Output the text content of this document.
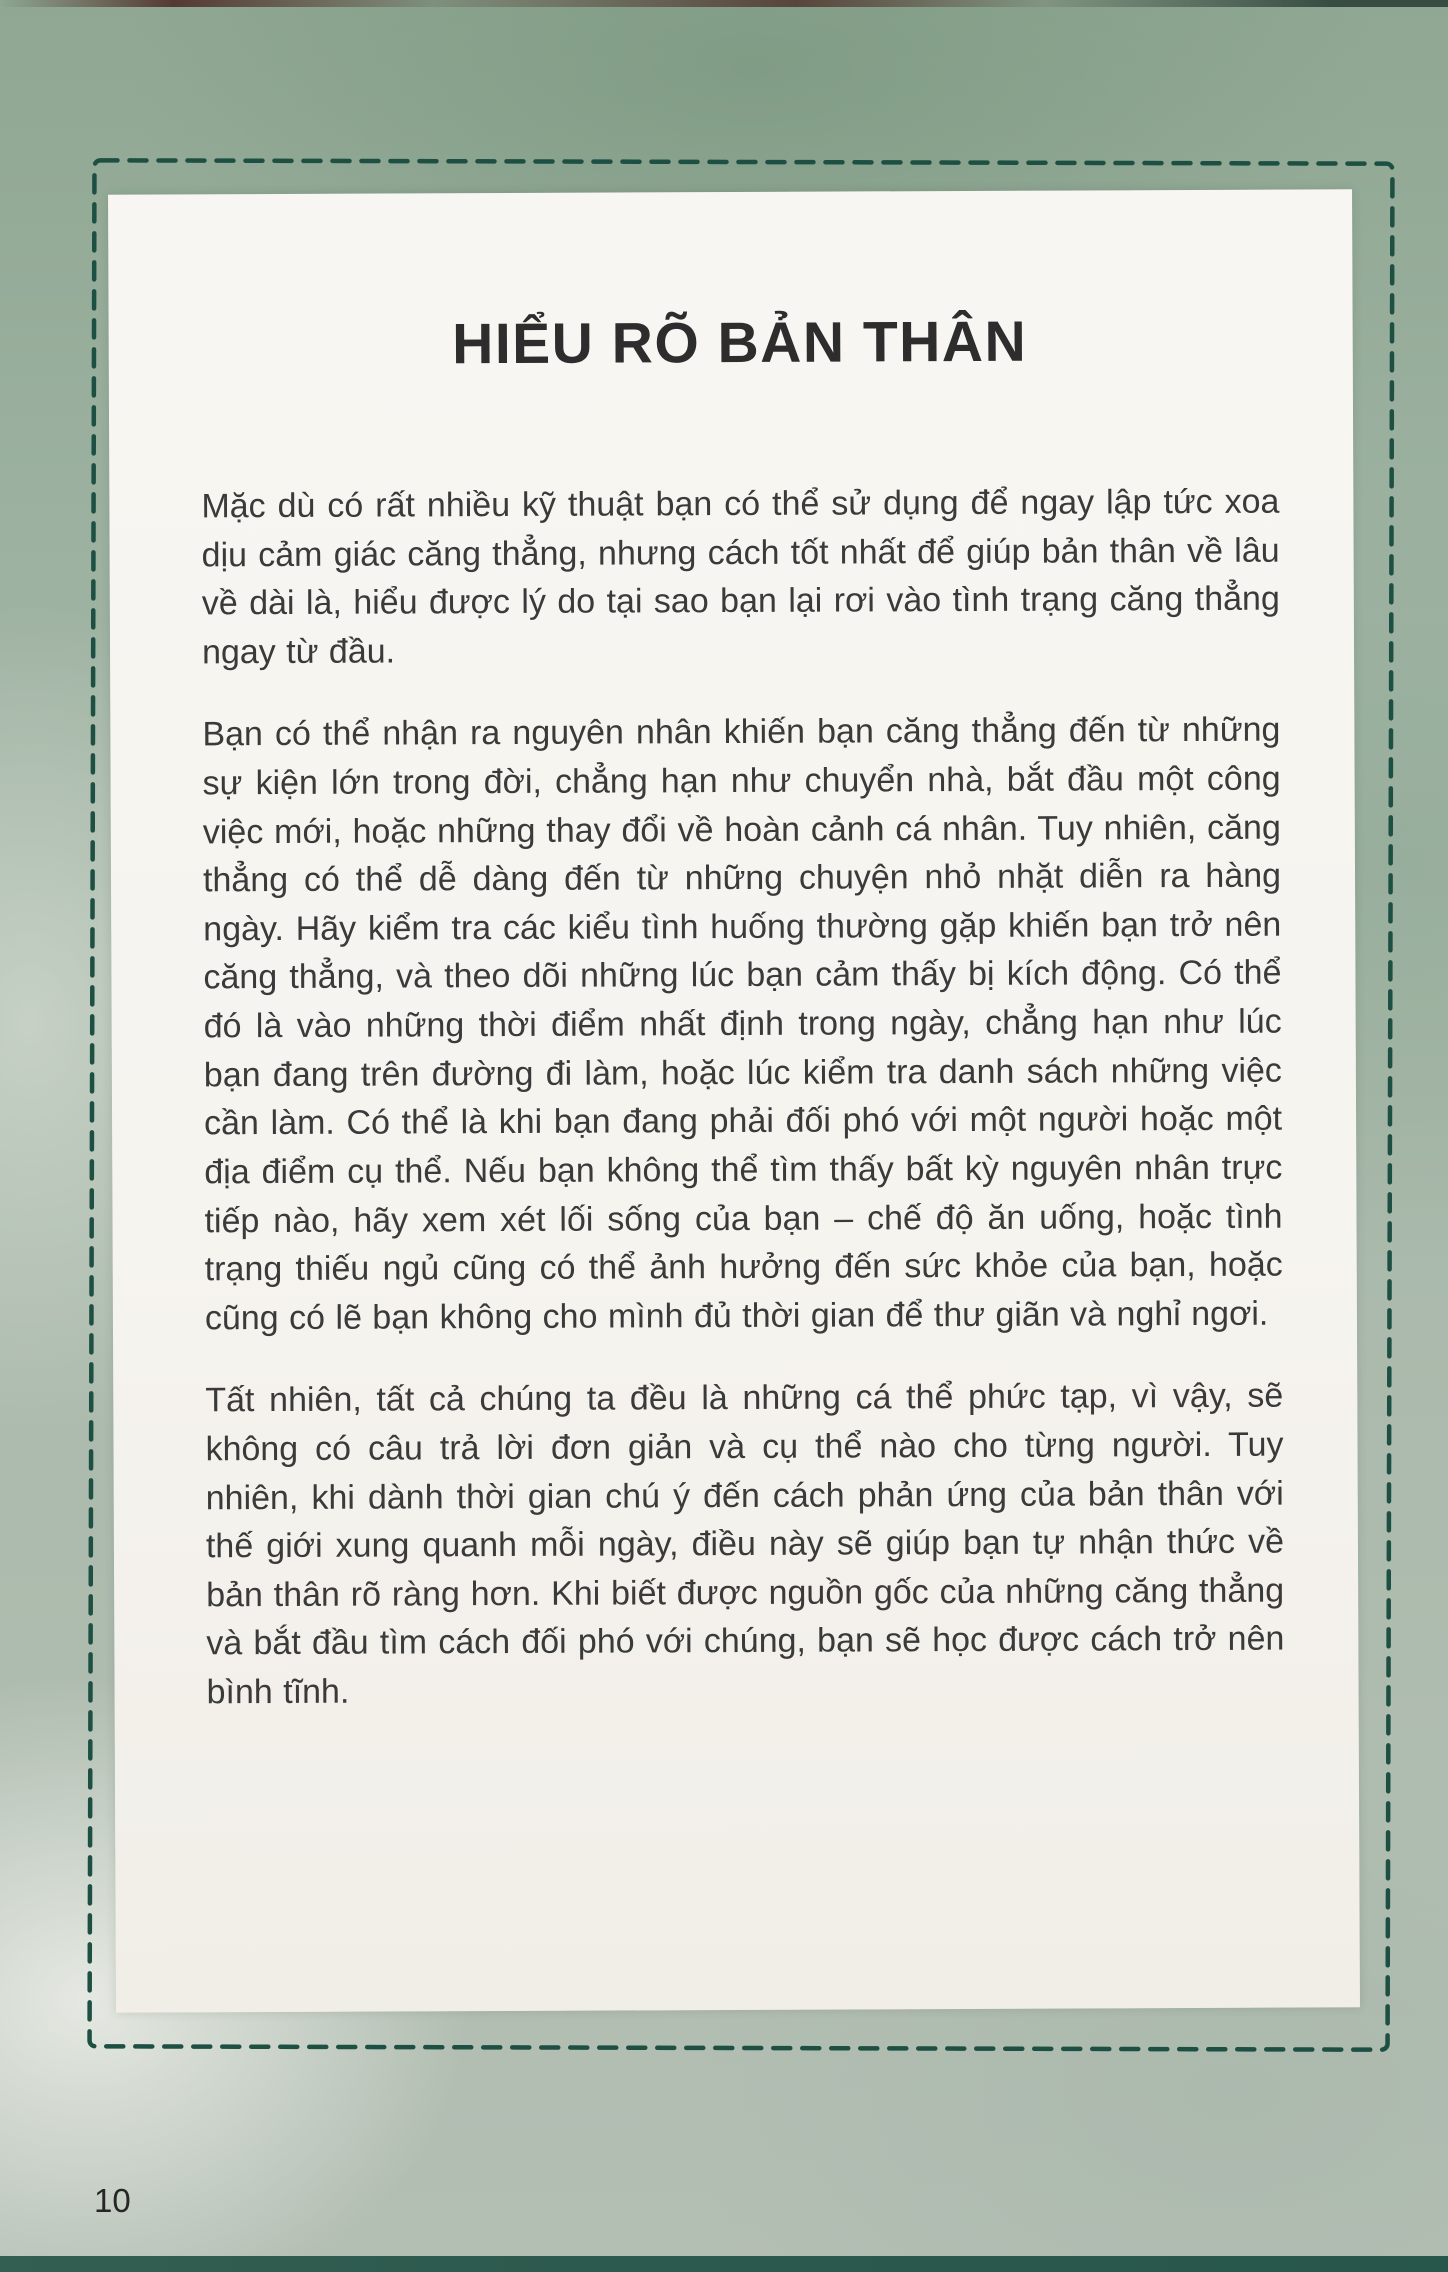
HIỂU RÕ BẢN THÂN

Mặc dù có rất nhiều kỹ thuật bạn có thể sử dụng để ngay lập tức xoa dịu cảm giác căng thẳng, nhưng cách tốt nhất để giúp bản thân về lâu về dài là, hiểu được lý do tại sao bạn lại rơi vào tình trạng căng thẳng ngay từ đầu.

Bạn có thể nhận ra nguyên nhân khiến bạn căng thẳng đến từ những sự kiện lớn trong đời, chẳng hạn như chuyển nhà, bắt đầu một công việc mới, hoặc những thay đổi về hoàn cảnh cá nhân. Tuy nhiên, căng thẳng có thể dễ dàng đến từ những chuyện nhỏ nhặt diễn ra hàng ngày. Hãy kiểm tra các kiểu tình huống thường gặp khiến bạn trở nên căng thẳng, và theo dõi những lúc bạn cảm thấy bị kích động. Có thể đó là vào những thời điểm nhất định trong ngày, chẳng hạn như lúc bạn đang trên đường đi làm, hoặc lúc kiểm tra danh sách những việc cần làm. Có thể là khi bạn đang phải đối phó với một người hoặc một địa điểm cụ thể. Nếu bạn không thể tìm thấy bất kỳ nguyên nhân trực tiếp nào, hãy xem xét lối sống của bạn – chế độ ăn uống, hoặc tình trạng thiếu ngủ cũng có thể ảnh hưởng đến sức khỏe của bạn, hoặc cũng có lẽ bạn không cho mình đủ thời gian để thư giãn và nghỉ ngơi.

Tất nhiên, tất cả chúng ta đều là những cá thể phức tạp, vì vậy, sẽ không có câu trả lời đơn giản và cụ thể nào cho từng người. Tuy nhiên, khi dành thời gian chú ý đến cách phản ứng của bản thân với thế giới xung quanh mỗi ngày, điều này sẽ giúp bạn tự nhận thức về bản thân rõ ràng hơn. Khi biết được nguồn gốc của những căng thẳng và bắt đầu tìm cách đối phó với chúng, bạn sẽ học được cách trở nên bình tĩnh.

10
